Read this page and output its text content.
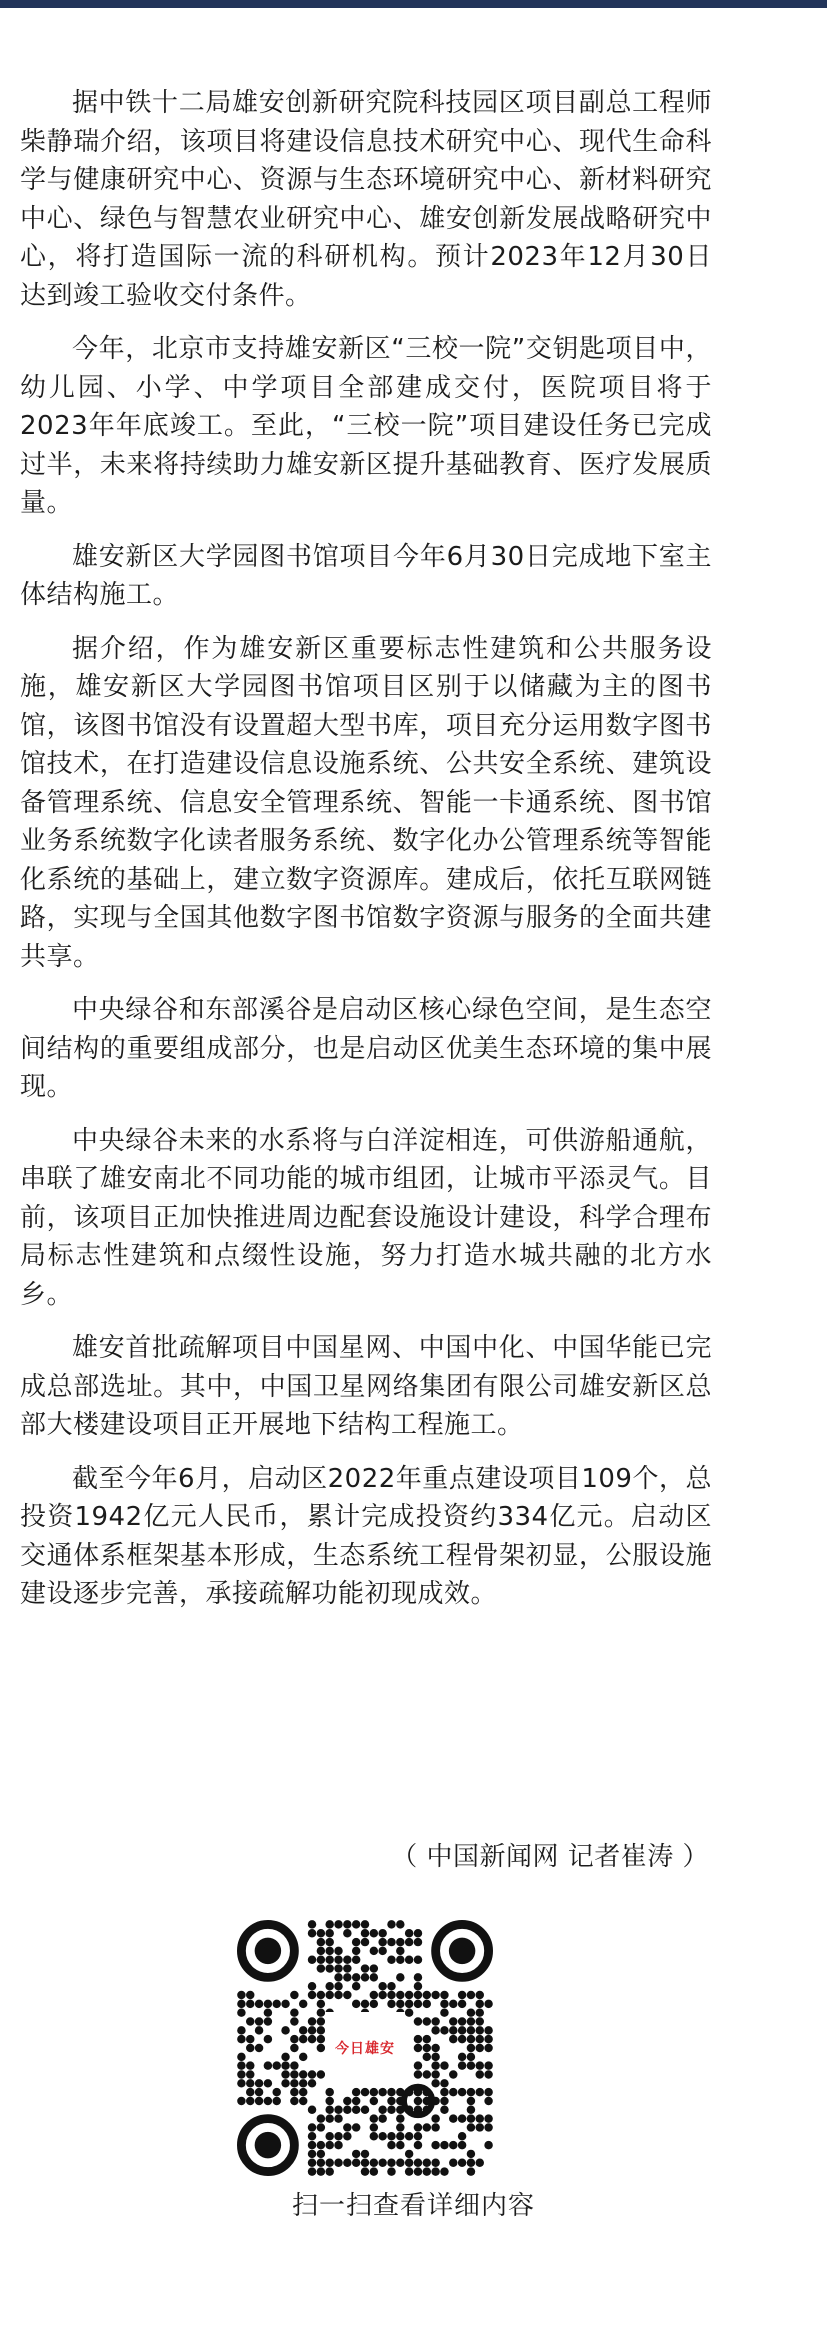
据中铁十二局雄安创新研究院科技园区项目副总工程师柴静瑞介绍，该项目将建设信息技术研究中心、现代生命科学与健康研究中心、资源与生态环境研究中心、新材料研究中心、绿色与智慧农业研究中心、雄安创新发展战略研究中心，将打造国际一流的科研机构。预计2023年12月30日达到竣工验收交付条件。

今年，北京市支持雄安新区“三校一院”交钥匙项目中，幼儿园、小学、中学项目全部建成交付，医院项目将于2023年年底竣工。至此，“三校一院”项目建设任务已完成过半，未来将持续助力雄安新区提升基础教育、医疗发展质量。

雄安新区大学园图书馆项目今年6月30日完成地下室主体结构施工。

据介绍，作为雄安新区重要标志性建筑和公共服务设施，雄安新区大学园图书馆项目区别于以储藏为主的图书馆，该图书馆没有设置超大型书库，项目充分运用数字图书馆技术，在打造建设信息设施系统、公共安全系统、建筑设备管理系统、信息安全管理系统、智能一卡通系统、图书馆业务系统数字化读者服务系统、数字化办公管理系统等智能化系统的基础上，建立数字资源库。建成后，依托互联网链路，实现与全国其他数字图书馆数字资源与服务的全面共建共享。

中央绿谷和东部溪谷是启动区核心绿色空间，是生态空间结构的重要组成部分，也是启动区优美生态环境的集中展现。

中央绿谷未来的水系将与白洋淀相连，可供游船通航，串联了雄安南北不同功能的城市组团，让城市平添灵气。目前，该项目正加快推进周边配套设施设计建设，科学合理布局标志性建筑和点缀性设施，努力打造水城共融的北方水乡。

雄安首批疏解项目中国星网、中国中化、中国华能已完成总部选址。其中，中国卫星网络集团有限公司雄安新区总部大楼建设项目正开展地下结构工程施工。

截至今年6月，启动区2022年重点建设项目109个，总投资1942亿元人民币，累计完成投资约334亿元。启动区交通体系框架基本形成，生态系统工程骨架初显，公服设施建设逐步完善，承接疏解功能初现成效。

（ 中国新闻网 记者崔涛 ）
今日雄安
扫一扫查看详细内容
